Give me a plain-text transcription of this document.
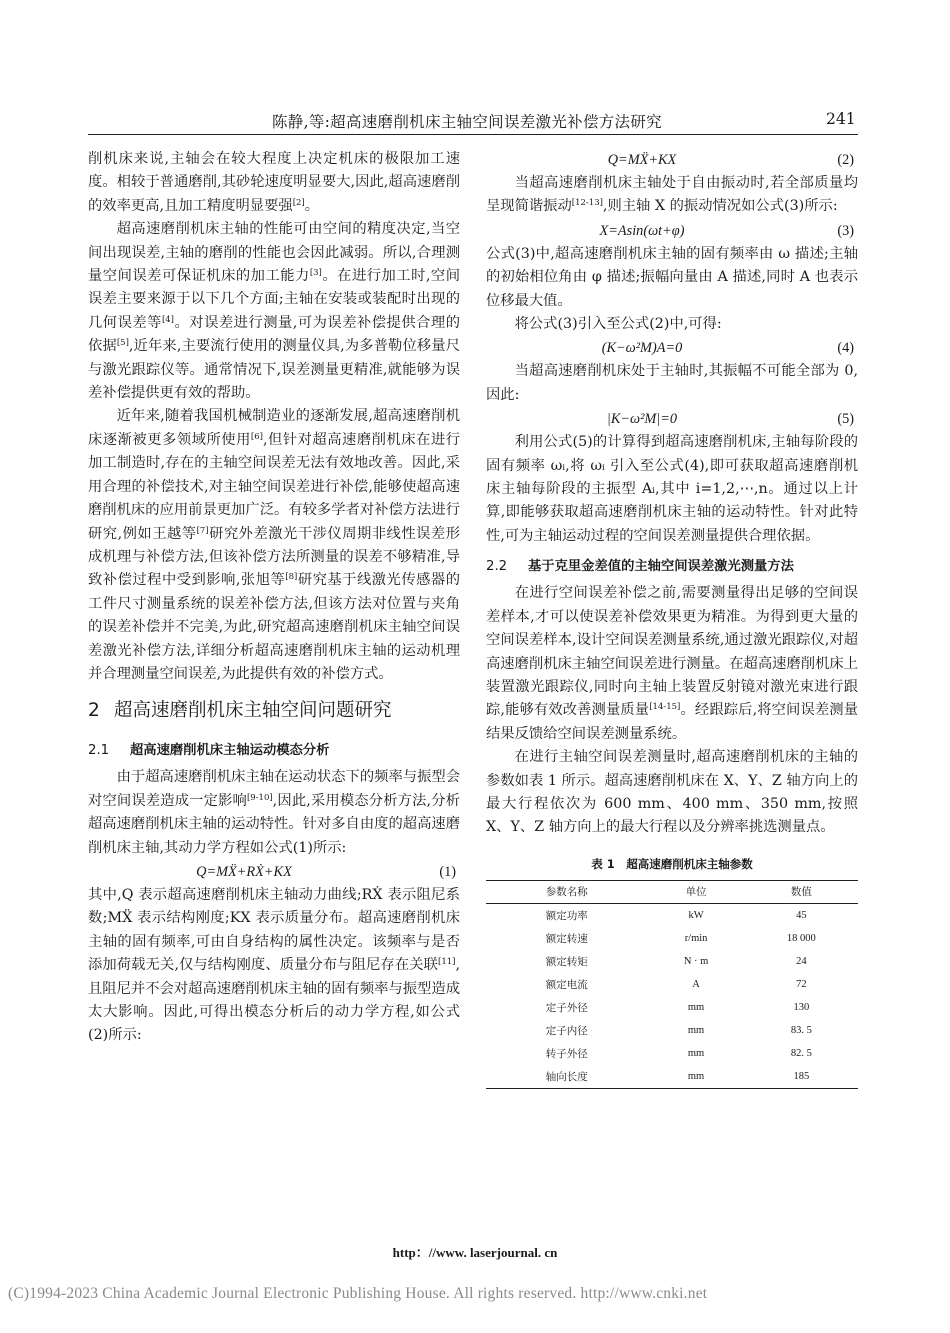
陈静,等:超高速磨削机床主轴空间误差激光补偿方法研究	241

削机床来说,主轴会在较大程度上决定机床的极限加工速度。相较于普通磨削,其砂轮速度明显要大,因此,超高速磨削的效率更高,且加工精度明显要强[2]。

超高速磨削机床主轴的性能可由空间的精度决定,当空间出现误差,主轴的磨削的性能也会因此减弱。所以,合理测量空间误差可保证机床的加工能力[3]。在进行加工时,空间误差主要来源于以下几个方面;主轴在安装或装配时出现的几何误差等[4]。对误差进行测量,可为误差补偿提供合理的依据[5],近年来,主要流行使用的测量仪具,为多普勒位移量尺与激光跟踪仪等。通常情况下,误差测量更精准,就能够为误差补偿提供更有效的帮助。

近年来,随着我国机械制造业的逐渐发展,超高速磨削机床逐渐被更多领域所使用[6],但针对超高速磨削机床在进行加工制造时,存在的主轴空间误差无法有效地改善。因此,采用合理的补偿技术,对主轴空间误差进行补偿,能够使超高速磨削机床的应用前景更加广泛。有较多学者对补偿方法进行研究,例如王越等[7]研究外差激光干涉仪周期非线性误差形成机理与补偿方法,但该补偿方法所测量的误差不够精准,导致补偿过程中受到影响,张旭等[8]研究基于线激光传感器的工件尺寸测量系统的误差补偿方法,但该方法对位置与夹角的误差补偿并不完美,为此,研究超高速磨削机床主轴空间误差激光补偿方法,详细分析超高速磨削机床主轴的运动机理并合理测量空间误差,为此提供有效的补偿方式。

2 超高速磨削机床主轴空间问题研究
2.1 超高速磨削机床主轴运动模态分析

由于超高速磨削机床主轴在运动状态下的频率与振型会对空间误差造成一定影响[9-10],因此,采用模态分析方法,分析超高速磨削机床主轴的运动特性。针对多自由度的超高速磨削机床主轴,其动力学方程如公式(1)所示:

Q=MẌ+RẊ+KX	(1)

其中,Q 表示超高速磨削机床主轴动力曲线;RẊ 表示阻尼系数;MẌ 表示结构刚度;KX 表示质量分布。超高速磨削机床主轴的固有频率,可由自身结构的属性决定。该频率与是否添加荷载无关,仅与结构刚度、质量分布与阻尼存在关联[11],且阻尼并不会对超高速磨削机床主轴的固有频率与振型造成太大影响。因此,可得出模态分析后的动力学方程,如公式(2)所示:

Q=MẌ+KX	(2)

当超高速磨削机床主轴处于自由振动时,若全部质量均呈现简谐振动[12-13],则主轴 X 的振动情况如公式(3)所示:

X=Asin(ωt+φ)	(3)

公式(3)中,超高速磨削机床主轴的固有频率由 ω 描述;主轴的初始相位角由 φ 描述;振幅向量由 A 描述,同时 A 也表示位移最大值。

将公式(3)引入至公式(2)中,可得:

(K−ω²M)A=0	(4)

当超高速磨削机床处于主轴时,其振幅不可能全部为 0,因此:

|K−ω²M|=0	(5)

利用公式(5)的计算得到超高速磨削机床,主轴每阶段的固有频率 ωᵢ,将 ωᵢ 引入至公式(4),即可获取超高速磨削机床主轴每阶段的主振型 Aᵢ,其中 i=1,2,⋯,n。通过以上计算,即能够获取超高速磨削机床主轴的运动特性。针对此特性,可为主轴运动过程的空间误差测量提供合理依据。

2.2 基于克里金差值的主轴空间误差激光测量方法

在进行空间误差补偿之前,需要测量得出足够的空间误差样本,才可以使误差补偿效果更为精准。为得到更大量的空间误差样本,设计空间误差测量系统,通过激光跟踪仪,对超高速磨削机床主轴空间误差进行测量。在超高速磨削机床上装置激光跟踪仪,同时向主轴上装置反射镜对激光束进行跟踪,能够有效改善测量质量[14-15]。经跟踪后,将空间误差测量结果反馈给空间误差测量系统。

在进行主轴空间误差测量时,超高速磨削机床的主轴的参数如表 1 所示。超高速磨削机床在 X、Y、Z 轴方向上的最大行程依次为 600 mm、400 mm、350 mm,按照 X、Y、Z 轴方向上的最大行程以及分辨率挑选测量点。

表 1　超高速磨削机床主轴参数
参数名称	单位	数值
额定功率	kW	45
额定转速	r/min	18 000
额定转矩	N · m	24
额定电流	A	72
定子外径	mm	130
定子内径	mm	83. 5
转子外径	mm	82. 5
轴向长度	mm	185
http：//www. laserjournal. cn
(C)1994-2023 China Academic Journal Electronic Publishing House. All rights reserved. http://www.cnki.net
